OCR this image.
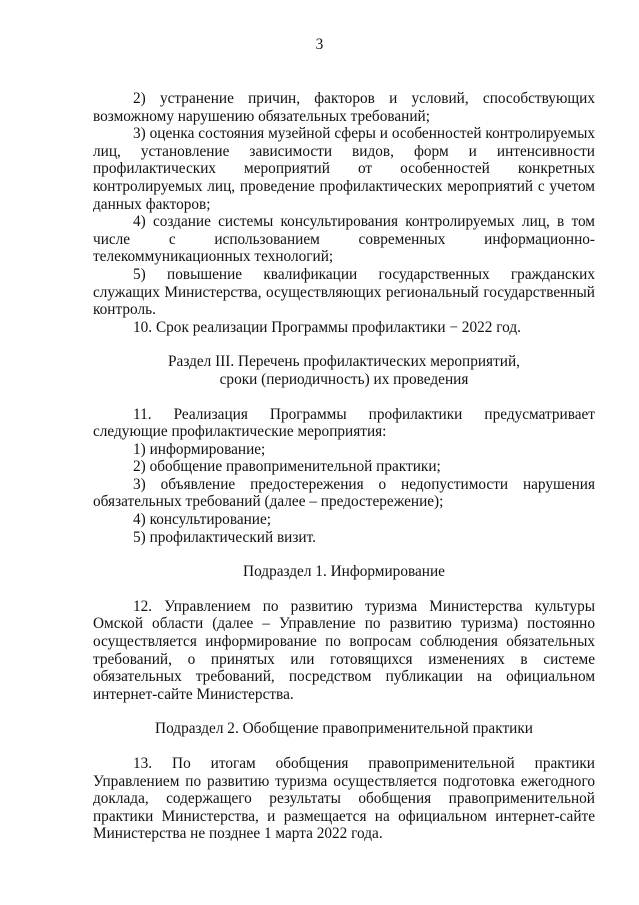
3

2) устранение причин, факторов и условий, способствующих

возможному нарушению обязательных требований;

3) оценка состояния музейной сферы и особенностей контролируемых лиц, установление зависимости видов, форм и интенсивности профилактических мероприятий от особенностей конкретных контролируемых лиц, проведение профилактических мероприятий с учетом данных факторов;

4) создание системы консультирования контролируемых лиц, в том числе с использованием современных информационно-телекоммуникационных технологий;

5) повышение квалификации государственных гражданских служащих Министерства, осуществляющих региональный государственный контроль.

10. Срок реализации Программы профилактики − 2022 год.

Раздел III. Перечень профилактических мероприятий,

сроки (периодичность) их проведения

11. Реализация Программы профилактики предусматривает следующие профилактические мероприятия:

1) информирование;

2) обобщение правоприменительной практики;

3) объявление предостережения о недопустимости нарушения обязательных требований (далее – предостережение);

4) консультирование;

5) профилактический визит.

Подраздел 1. Информирование

12. Управлением по развитию туризма Министерства культуры Омской области (далее – Управление по развитию туризма) постоянно осуществляется информирование по вопросам соблюдения обязательных требований, о принятых или готовящихся изменениях в системе обязательных требований, посредством публикации на официальном интернет-сайте Министерства.

Подраздел 2. Обобщение правоприменительной практики

13. По итогам обобщения правоприменительной практики Управлением по развитию туризма осуществляется подготовка ежегодного доклада, содержащего результаты обобщения правоприменительной практики Министерства, и размещается на официальном интернет-сайте Министерства не позднее 1 марта 2022 года.
